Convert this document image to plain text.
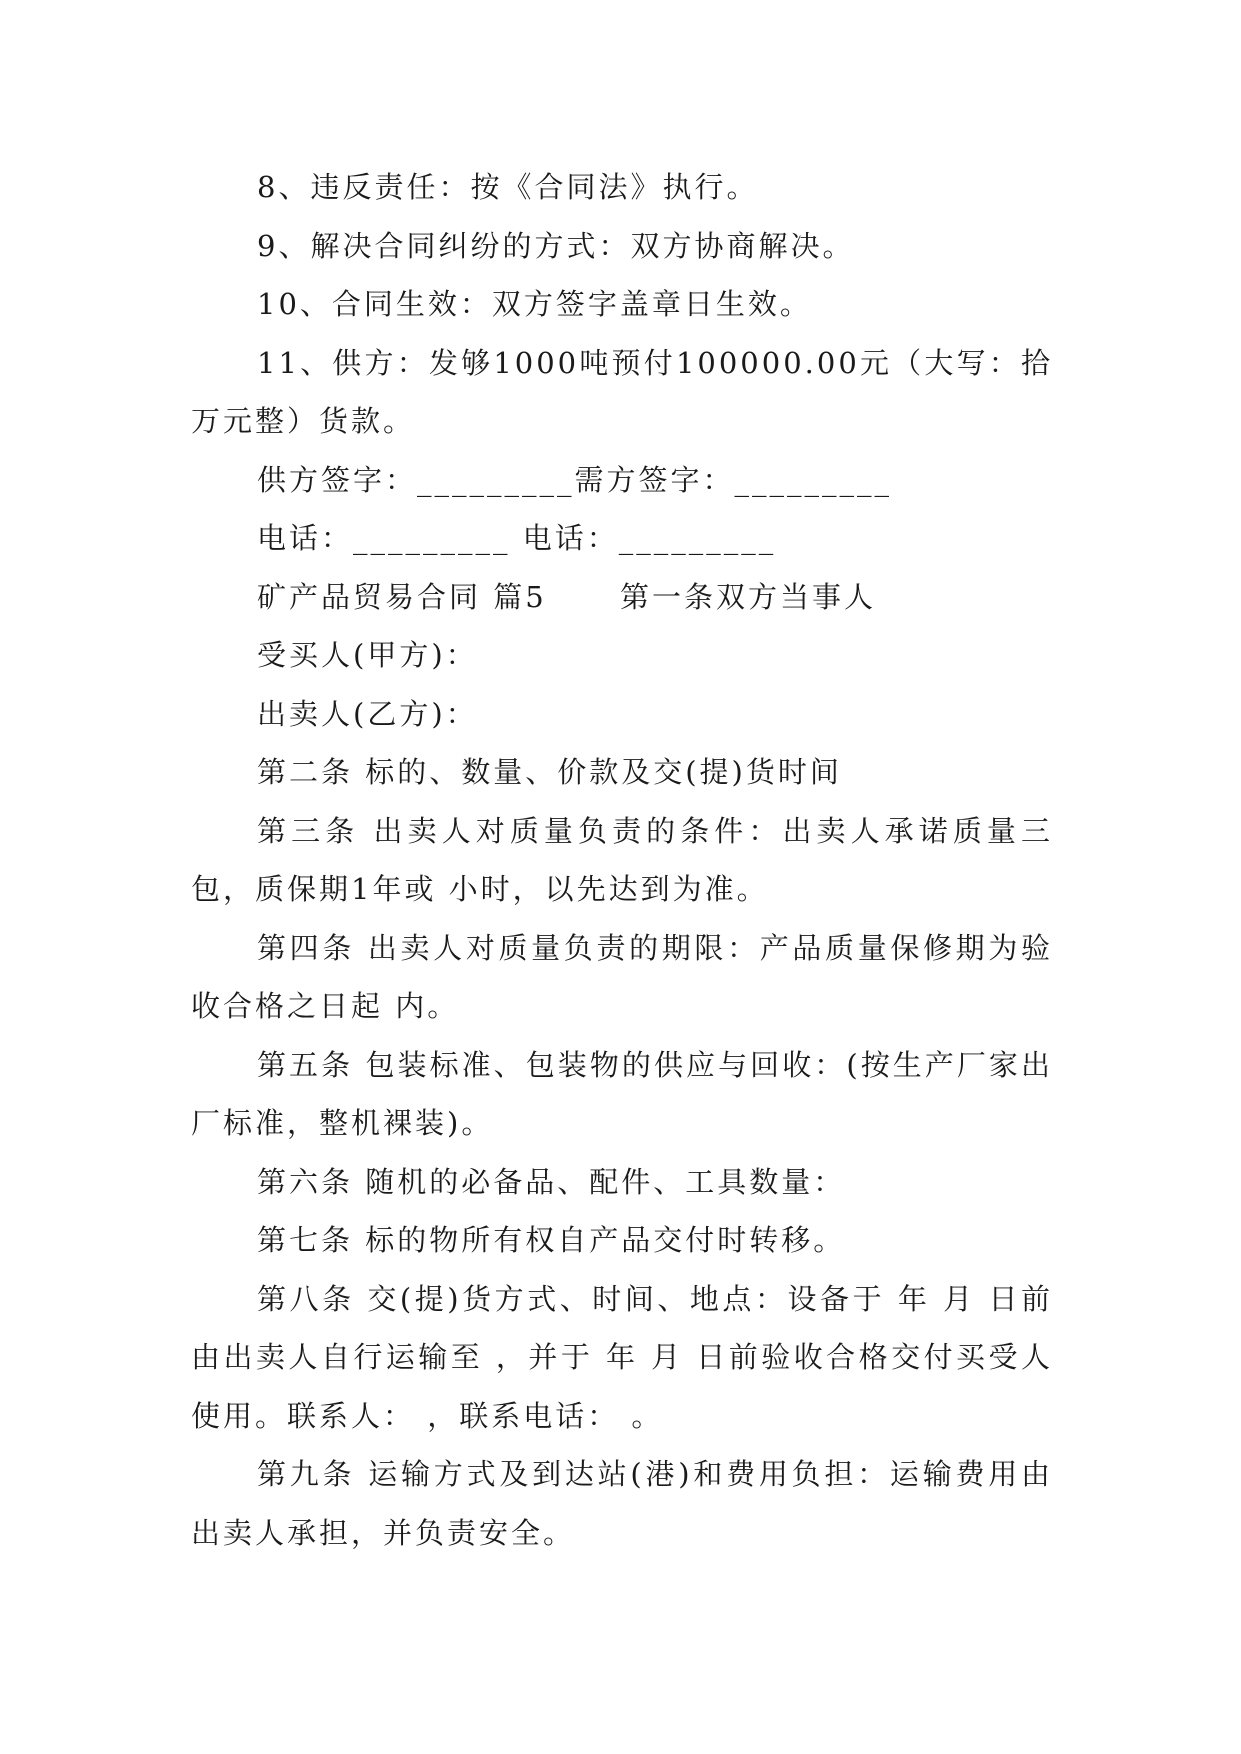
8、违反责任：按《合同法》执行。

9、解决合同纠纷的方式：双方协商解决。

10、合同生效：双方签字盖章日生效。

11、供方：发够1000吨预付100000.00元（大写：拾万元整）货款。

供方签字：_________需方签字：_________

电话：_________ 电话：_________

矿产品贸易合同 篇5      第一条双方当事人

受买人(甲方)：

出卖人(乙方)：

第二条 标的、数量、价款及交(提)货时间

第三条 出卖人对质量负责的条件：出卖人承诺质量三包，质保期1年或 小时，以先达到为准。

第四条 出卖人对质量负责的期限：产品质量保修期为验收合格之日起 内。

第五条 包装标准、包装物的供应与回收：(按生产厂家出厂标准，整机裸装)。

第六条 随机的必备品、配件、工具数量：

第七条 标的物所有权自产品交付时转移。

第八条 交(提)货方式、时间、地点：设备于 年 月 日前由出卖人自行运输至 ，并于 年 月 日前验收合格交付买受人使用。联系人： ，联系电话： 。

第九条 运输方式及到达站(港)和费用负担：运输费用由出卖人承担，并负责安全。
